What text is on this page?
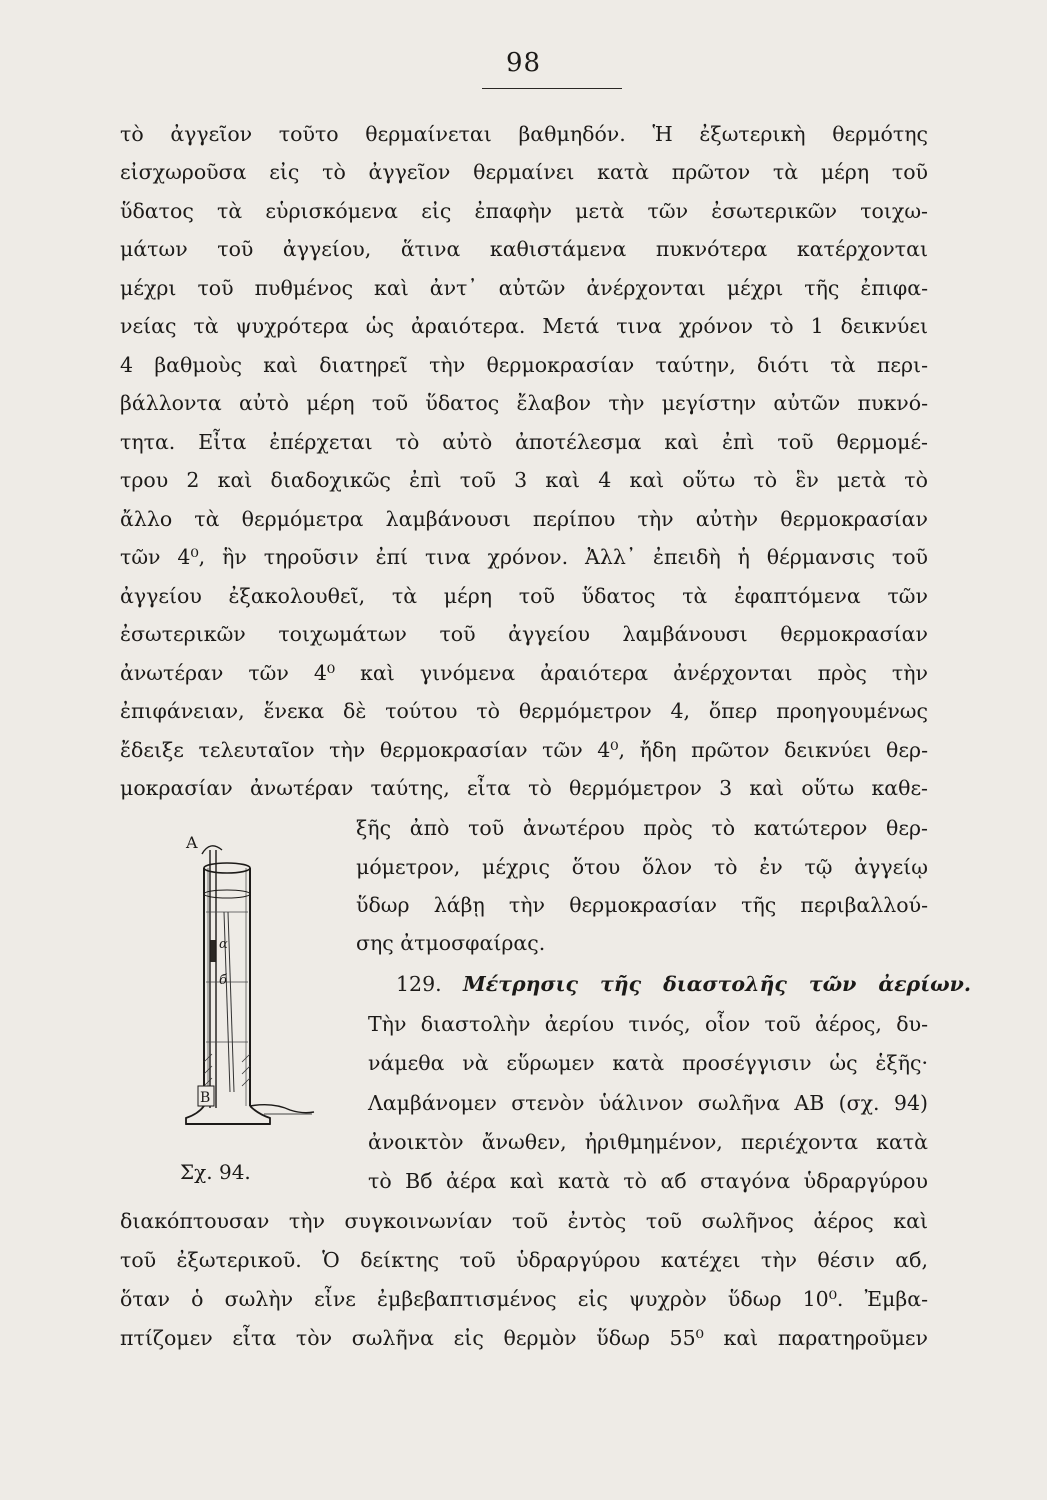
98

τὸ ἀγγεῖον τοῦτο θερμαίνεται βαθμηδόν. Ἡ ἐξωτερικὴ θερμότης

εἰσχωροῦσα εἰς τὸ ἀγγεῖον θερμαίνει κατὰ πρῶτον τὰ μέρη τοῦ

ὕδατος τὰ εὑρισκόμενα εἰς ἐπαφὴν μετὰ τῶν ἐσωτερικῶν τοιχω-

μάτων τοῦ ἀγγείου, ἅτινα καθιστάμενα πυκνότερα κατέρχονται

μέχρι τοῦ πυθμένος καὶ ἀντ᾽ αὐτῶν ἀνέρχονται μέχρι τῆς ἐπιφα-

νείας τὰ ψυχρότερα ὡς ἀραιότερα. Μετά τινα χρόνον τὸ 1 δεικνύει

4 βαθμοὺς καὶ διατηρεῖ τὴν θερμοκρασίαν ταύτην, διότι τὰ περι-

βάλλοντα αὐτὸ μέρη τοῦ ὕδατος ἔλαβον τὴν μεγίστην αὐτῶν πυκνό-

τητα. Εἶτα ἐπέρχεται τὸ αὐτὸ ἀποτέλεσμα καὶ ἐπὶ τοῦ θερμομέ-

τρου 2 καὶ διαδοχικῶς ἐπὶ τοῦ 3 καὶ 4 καὶ οὕτω τὸ ἓν μετὰ τὸ

ἄλλο τὰ θερμόμετρα λαμβάνουσι περίπου τὴν αὐτὴν θερμοκρασίαν

τῶν 4⁰, ἣν τηροῦσιν ἐπί τινα χρόνον. Ἀλλ᾽ ἐπειδὴ ἡ θέρμανσις τοῦ

ἀγγείου ἐξακολουθεῖ, τὰ μέρη τοῦ ὕδατος τὰ ἐφαπτόμενα τῶν

ἐσωτερικῶν τοιχωμάτων τοῦ ἀγγείου λαμβάνουσι θερμοκρασίαν

ἀνωτέραν τῶν 4⁰ καὶ γινόμενα ἀραιότερα ἀνέρχονται πρὸς τὴν

ἐπιφάνειαν, ἕνεκα δὲ τούτου τὸ θερμόμετρον 4, ὅπερ προηγουμένως

ἔδειξε τελευταῖον τὴν θερμοκρασίαν τῶν 4⁰, ἤδη πρῶτον δεικνύει θερ-

μοκρασίαν ἀνωτέραν ταύτης, εἶτα τὸ θερμόμετρον 3 καὶ οὕτω καθε-

ξῆς ἀπὸ τοῦ ἀνωτέρου πρὸς τὸ κατώτερον θερ-

μόμετρον, μέχρις ὅτου ὅλον τὸ ἐν τῷ ἀγγείῳ

ὕδωρ λάβῃ τὴν θερμοκρασίαν τῆς περιβαλλού-

σης ἀτμοσφαίρας.

129. Μέτρησις τῆς διαστολῆς τῶν ἀερίων.

Τὴν διαστολὴν ἀερίου τινός, οἷον τοῦ ἀέρος, δυ-

νάμεθα νὰ εὕρωμεν κατὰ προσέγγισιν ὡς ἑξῆς·

Λαμβάνομεν στενὸν ὑάλινον σωλῆνα ΑΒ (σχ. 94)

ἀνοικτὸν ἄνωθεν, ἠριθμημένον, περιέχοντα κατὰ

τὸ Bб ἀέρα καὶ κατὰ τὸ αб σταγόνα ὑδραργύρου

διακόπτουσαν τὴν συγκοινωνίαν τοῦ ἐντὸς τοῦ σωλῆνος ἀέρος καὶ

τοῦ ἐξωτερικοῦ. Ὁ δείκτης τοῦ ὑδραργύρου κατέχει τὴν θέσιν αб,

ὅταν ὁ σωλὴν εἶνε ἐμβεβαπτισμένος εἰς ψυχρὸν ὕδωρ 10⁰. Ἐμβα-

πτίζομεν εἶτα τὸν σωλῆνα εἰς θερμὸν ὕδωρ 55⁰ καὶ παρατηροῦμεν

Α
α
б
Β
Σχ. 94.
